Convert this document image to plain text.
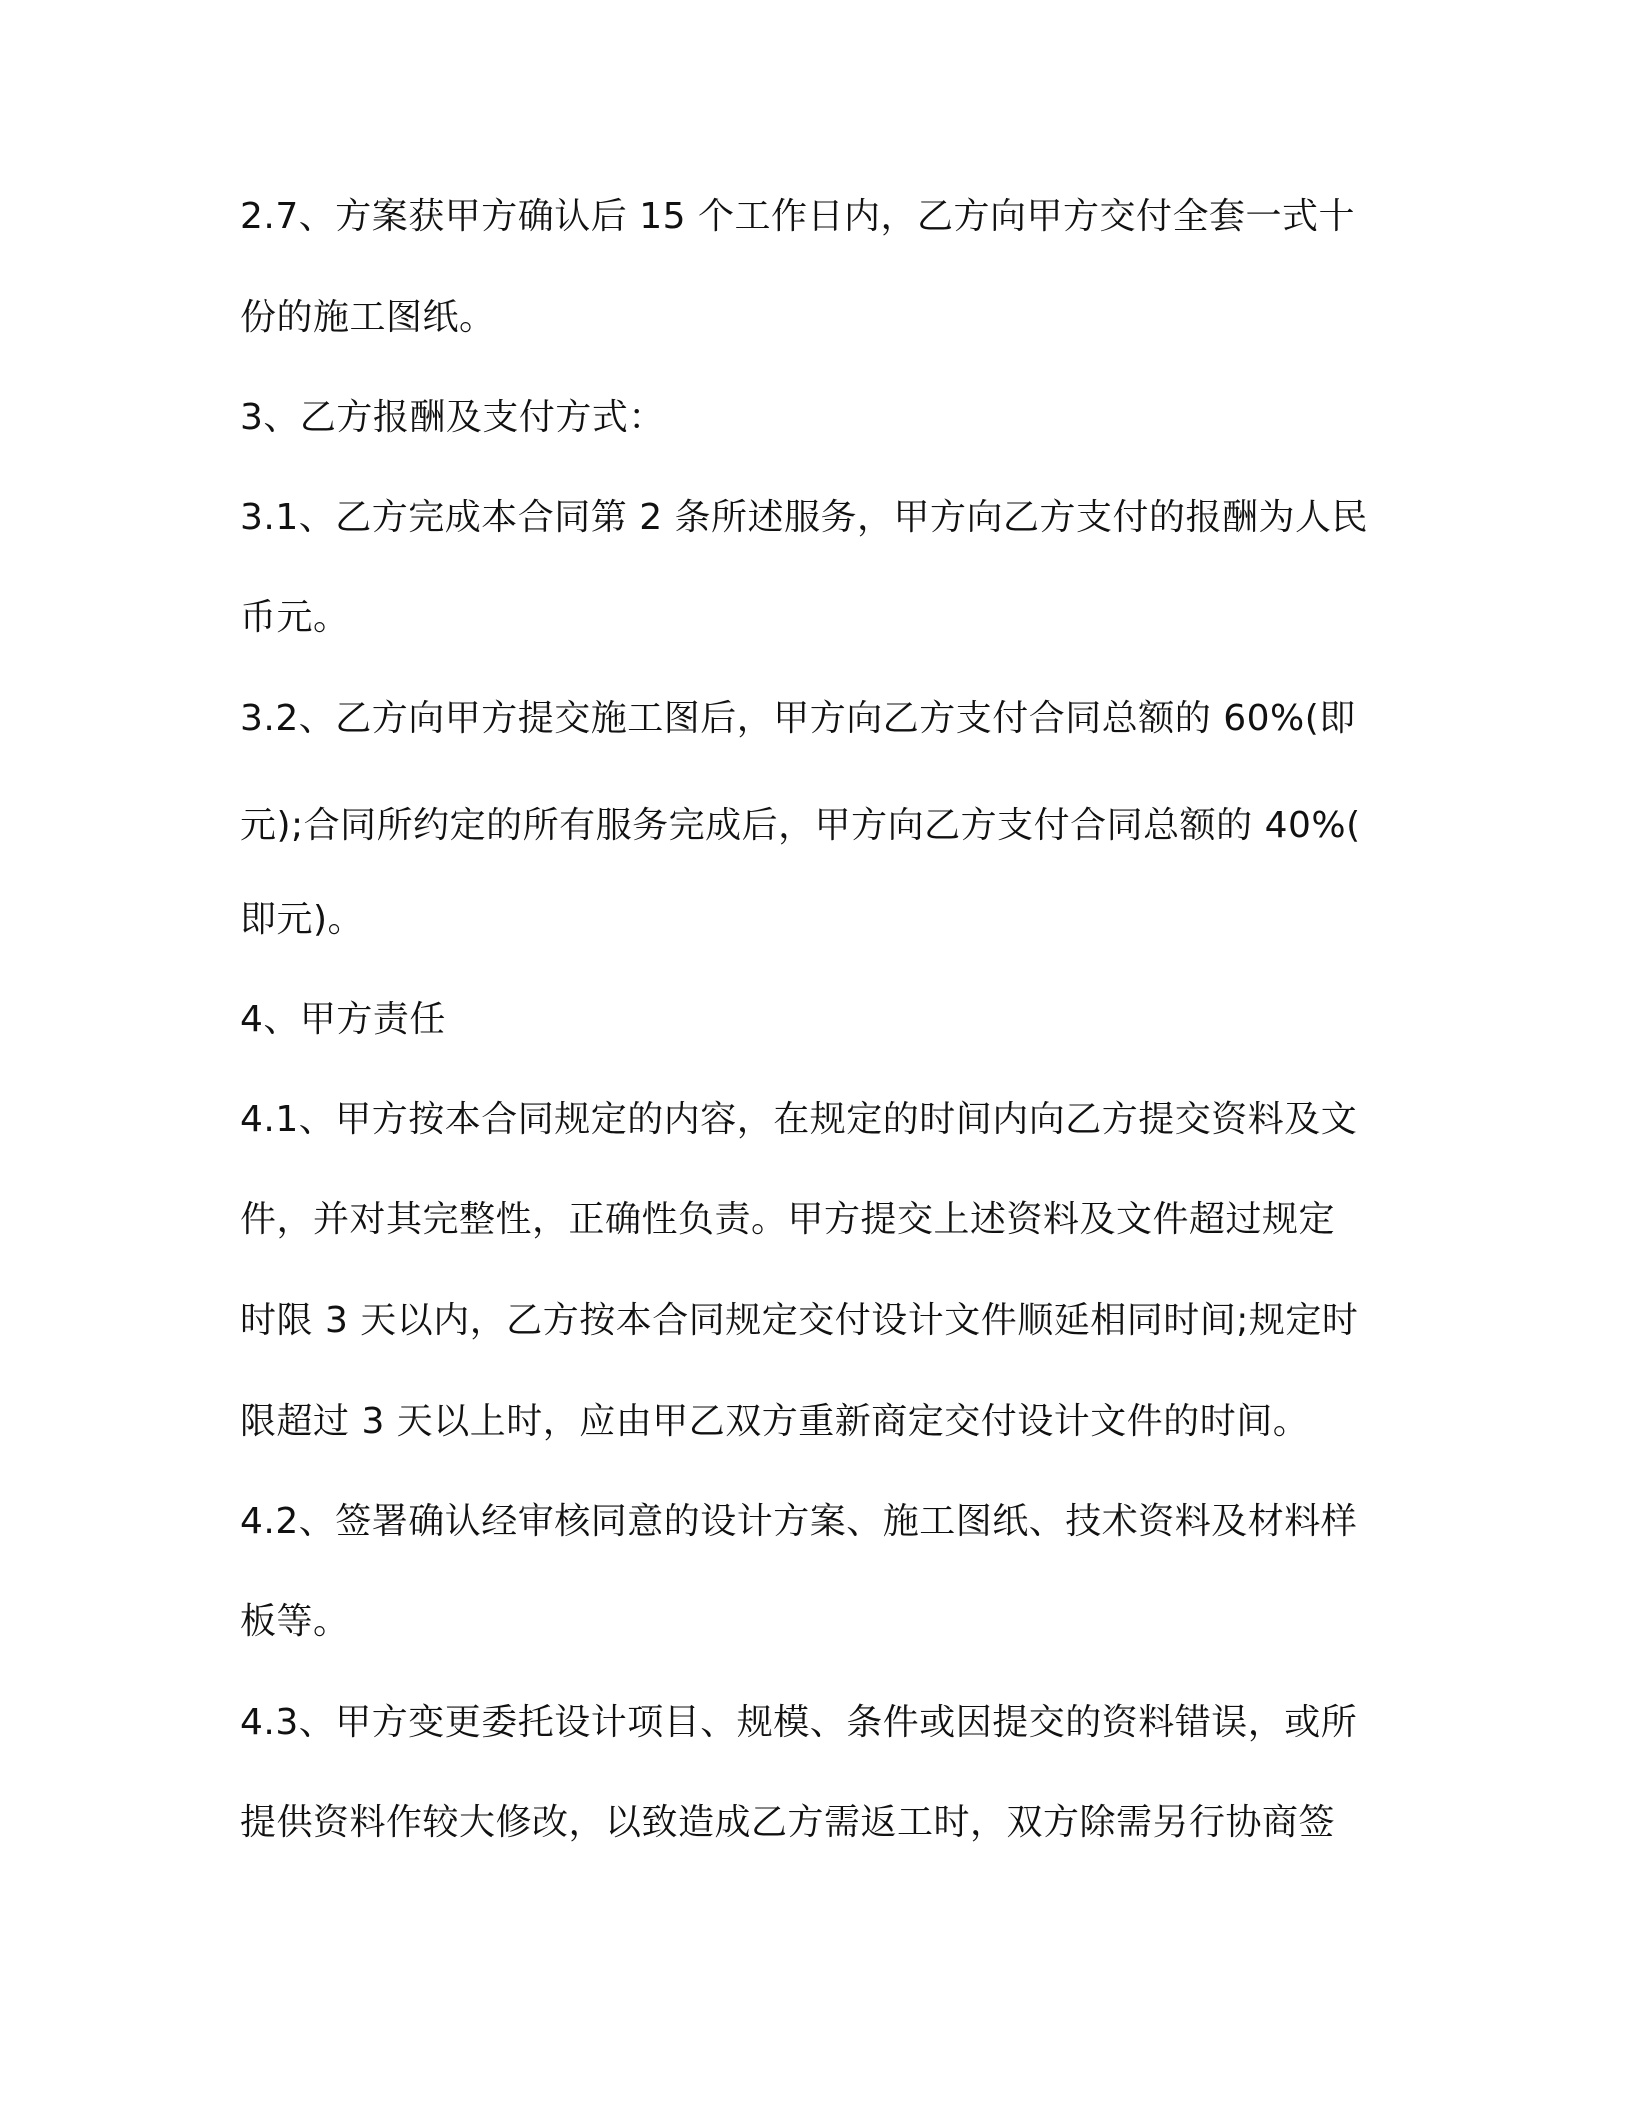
2.7、方案获甲方确认后 15 个工作日内，乙方向甲方交付全套一式十
份的施工图纸。
3、乙方报酬及支付方式：
3.1、乙方完成本合同第 2 条所述服务，甲方向乙方支付的报酬为人民
币元。
3.2、乙方向甲方提交施工图后，甲方向乙方支付合同总额的 60%(即
元);合同所约定的所有服务完成后，甲方向乙方支付合同总额的 40%(
即元)。
4、甲方责任
4.1、甲方按本合同规定的内容，在规定的时间内向乙方提交资料及文
件，并对其完整性，正确性负责。甲方提交上述资料及文件超过规定
时限 3 天以内，乙方按本合同规定交付设计文件顺延相同时间;规定时
限超过 3 天以上时，应由甲乙双方重新商定交付设计文件的时间。
4.2、签署确认经审核同意的设计方案、施工图纸、技术资料及材料样
板等。
4.3、甲方变更委托设计项目、规模、条件或因提交的资料错误，或所
提供资料作较大修改，以致造成乙方需返工时，双方除需另行协商签
